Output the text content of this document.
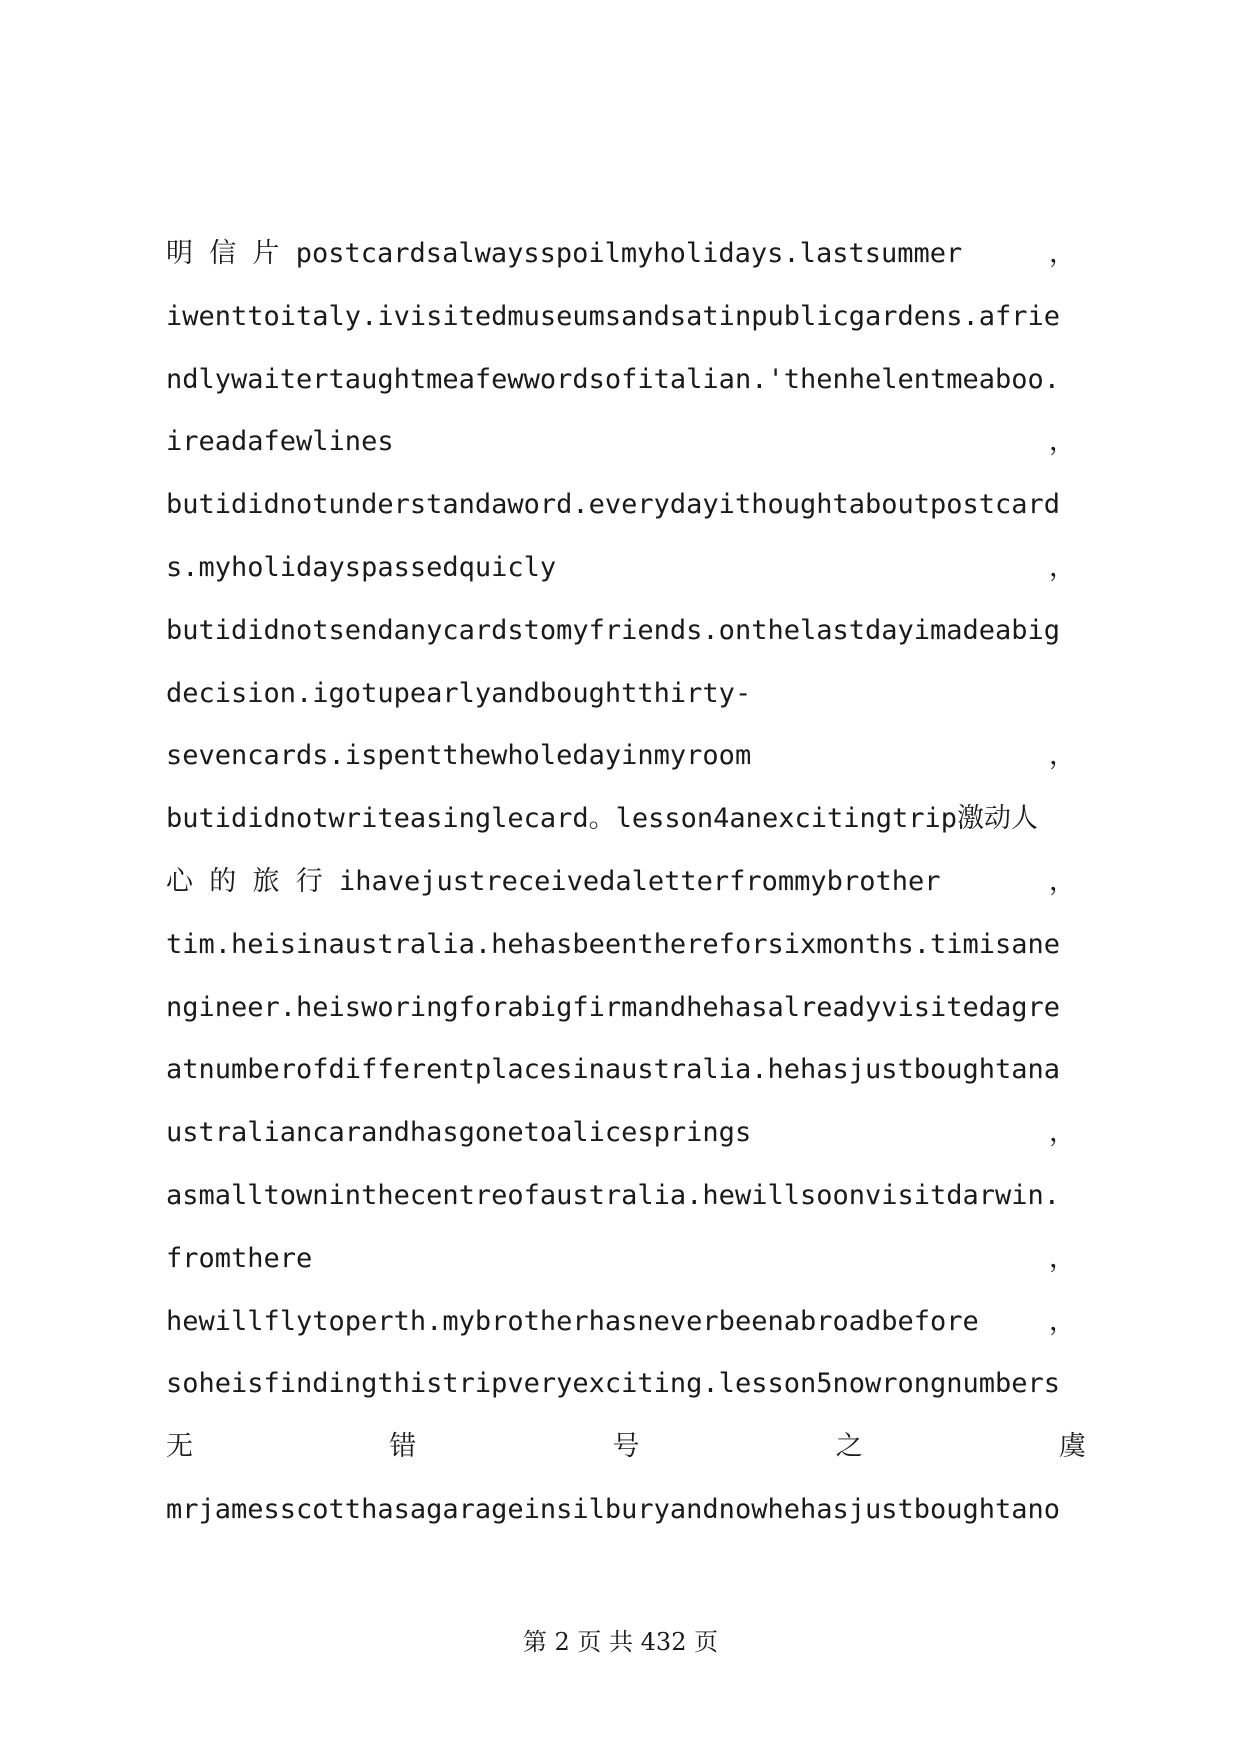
明 信 片 postcardsalwaysspoilmyholidays.lastsummer	，
iwenttoitaly.ivisitedmuseumsandsatinpublicgardens.afrie
ndlywaitertaughtmeafewwordsofitalian.'thenhelentmeaboo.
ireadafewlines	，
butididnotunderstandaword.everydayithoughtaboutpostcard
s.myholidayspassedquicly	，
butididnotsendanycardstomyfriends.onthelastdayimadeabig
decision.igotupearlyandboughtthirty-
sevencards.ispentthewholedayinmyroom	，
butididnotwriteasinglecard。lesson4anexcitingtrip激动人
心 的 旅 行 ihavejustreceivedaletterfrommybrother	，
tim.heisinaustralia.hehasbeenthereforsixmonths.timisane
ngineer.heisworingforabigfirmandhehasalreadyvisitedagre
atnumberofdifferentplacesinaustralia.hehasjustboughtana
ustraliancarandhasgonetoalicesprings	，
asmalltowninthecentreofaustralia.hewillsoonvisitdarwin.
fromthere	，
hewillflytoperth.mybrotherhasneverbeenabroadbefore	，
soheisfindingthistripveryexciting.lesson5nowrongnumbers
无	错	号	之	虞
mrjamesscotthasagarageinsilburyandnowhehasjustboughtano
第 2 页 共 432 页
